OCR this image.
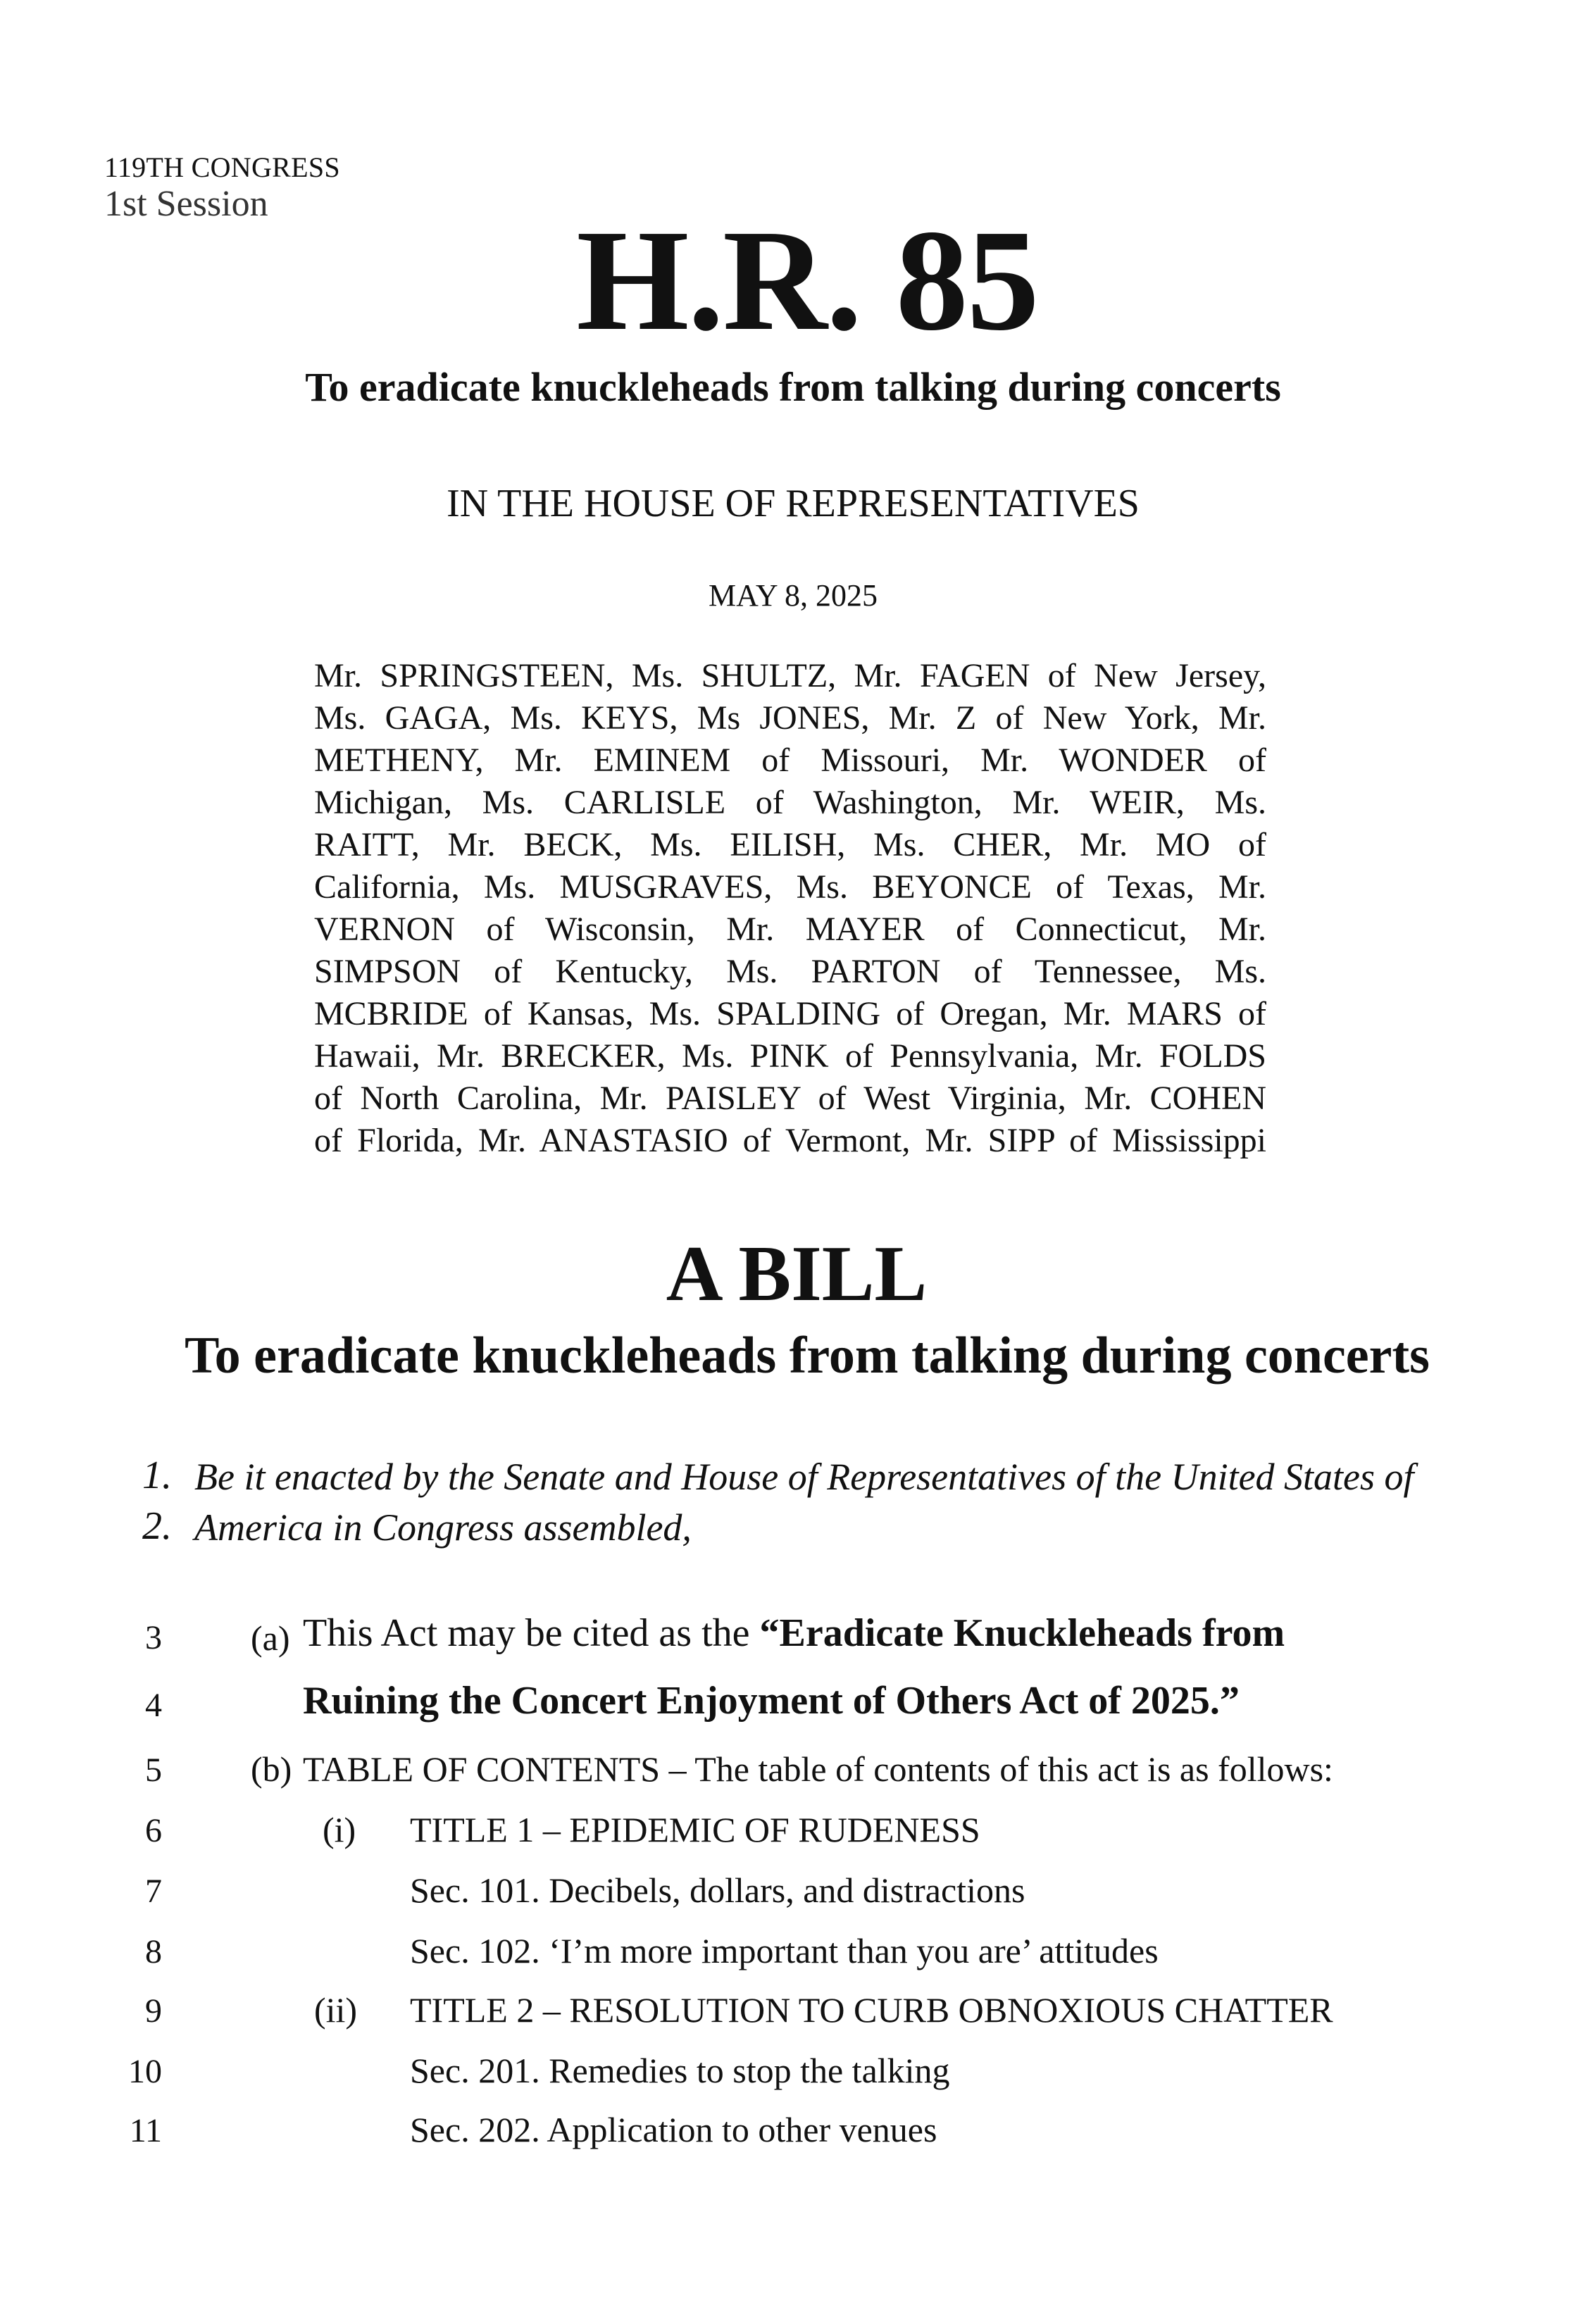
119TH CONGRESS
1st Session	H.R. 85
To eradicate knuckleheads from talking during concerts
IN THE HOUSE OF REPRESENTATIVES
MAY 8, 2025
Mr. SPRINGSTEEN, Ms. SHULTZ, Mr. FAGEN of New Jersey,
Ms. GAGA, Ms. KEYS, Ms JONES, Mr. Z of New York, Mr.
METHENY, Mr. EMINEM of Missouri, Mr. WONDER of
Michigan, Ms. CARLISLE of Washington, Mr. WEIR, Ms.
RAITT, Mr. BECK, Ms. EILISH, Ms. CHER, Mr. MO of
California, Ms. MUSGRAVES, Ms. BEYONCE of Texas, Mr.
VERNON of Wisconsin, Mr. MAYER of Connecticut, Mr.
SIMPSON of Kentucky, Ms. PARTON of Tennessee, Ms.
MCBRIDE of Kansas, Ms. SPALDING of Oregan, Mr. MARS of
Hawaii, Mr. BRECKER, Ms. PINK of Pennsylvania, Mr. FOLDS
of North Carolina, Mr. PAISLEY of West Virginia, Mr. COHEN
of Florida, Mr. ANASTASIO of Vermont, Mr. SIPP of Mississippi
A BILL
To eradicate knuckleheads from talking during concerts
1. Be it enacted by the Senate and House of Representatives of the United States of
2. America in Congress assembled,
3	(a) This Act may be cited as the “Eradicate Knuckleheads from
4	Ruining the Concert Enjoyment of Others Act of 2025.”
5	(b) TABLE OF CONTENTS – The table of contents of this act is as follows:
6	(i) TITLE 1 – EPIDEMIC OF RUDENESS
7	Sec. 101. Decibels, dollars, and distractions
8	Sec. 102. ‘I’m more important than you are’ attitudes
9	(ii) TITLE 2 – RESOLUTION TO CURB OBNOXIOUS CHATTER
10	Sec. 201. Remedies to stop the talking
11	Sec. 202. Application to other venues
